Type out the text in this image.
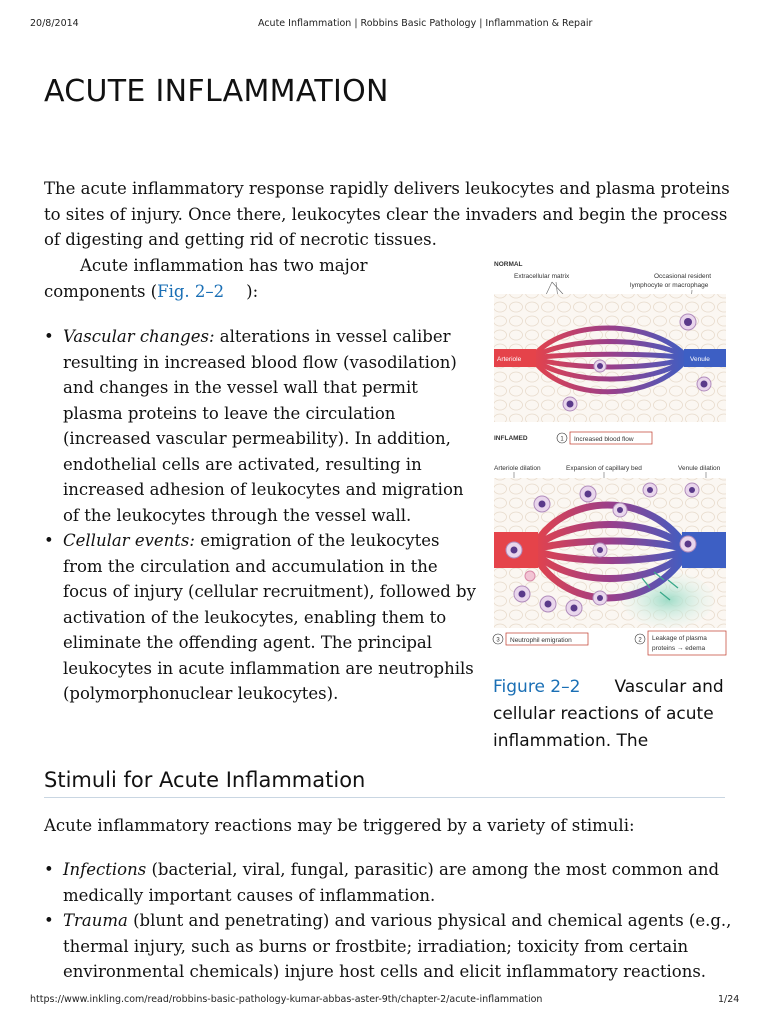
20/8/2014	Acute Inflammation | Robbins Basic Pathology | Inflammation & Repair
ACUTE INFLAMMATION

The acute inflammatory response rapidly delivers leukocytes and plasma proteins to sites of injury. Once there, leukocytes clear the invaders and begin the process of digesting and getting rid of necrotic tissues.

Acute inflammation has two major components (Fig. 2–2 ):

• Vascular changes: alterations in vessel caliber resulting in increased blood flow (vasodilation) and changes in the vessel wall that permit plasma proteins to leave the circulation (increased vascular permeability). In addition, endothelial cells are activated, resulting in increased adhesion of leukocytes and migration of the leukocytes through the vessel wall.
• Cellular events: emigration of the leukocytes from the circulation and accumulation in the focus of injury (cellular recruitment), followed by activation of the leukocytes, enabling them to eliminate the offending agent. The principal leukocytes in acute inflammation are neutrophils (polymorphonuclear leukocytes).
NORMAL
Extracellular matrix	Occasional resident
lymphocyte or macrophage
Arteriole	Venule
INFLAMED	1 Increased blood flow
Arteriole dilation	Expansion of capillary bed	Venule dilation
3 Neutrophil emigration	2 Leakage of plasma
proteins → edema
Figure 2–2 Vascular and cellular reactions of acute inflammation. The
Stimuli for Acute Inflammation

Acute inflammatory reactions may be triggered by a variety of stimuli:

• Infections (bacterial, viral, fungal, parasitic) are among the most common and medically important causes of inflammation.
• Trauma (blunt and penetrating) and various physical and chemical agents (e.g., thermal injury, such as burns or frostbite; irradiation; toxicity from certain environmental chemicals) injure host cells and elicit inflammatory reactions.
https://www.inkling.com/read/robbins-basic-pathology-kumar-abbas-aster-9th/chapter-2/acute-inflammation	1/24
